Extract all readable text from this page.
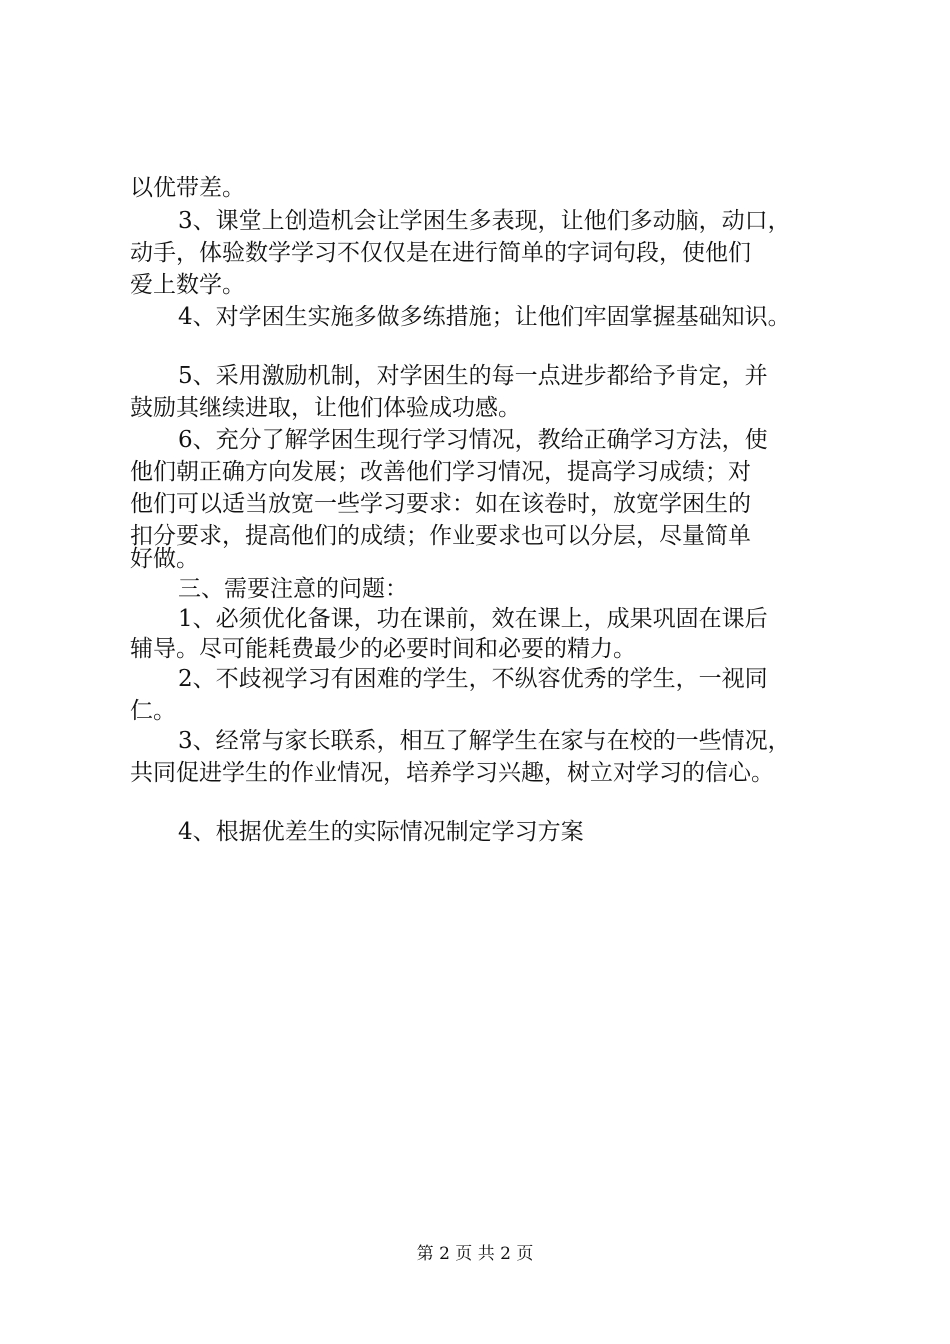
以优带差。
3、课堂上创造机会让学困生多表现，让他们多动脑，动口，
动手，体验数学学习不仅仅是在进行简单的字词句段，使他们
爱上数学。
4、对学困生实施多做多练措施；让他们牢固掌握基础知识。
5、采用激励机制，对学困生的每一点进步都给予肯定，并
鼓励其继续进取，让他们体验成功感。
6、充分了解学困生现行学习情况，教给正确学习方法，使
他们朝正确方向发展；改善他们学习情况，提高学习成绩；对
他们可以适当放宽一些学习要求：如在该卷时，放宽学困生的
扣分要求，提高他们的成绩；作业要求也可以分层，尽量简单
好做。
三、需要注意的问题：
1、必须优化备课，功在课前，效在课上，成果巩固在课后
辅导。尽可能耗费最少的必要时间和必要的精力。
2、不歧视学习有困难的学生，不纵容优秀的学生，一视同
仁。
3、经常与家长联系，相互了解学生在家与在校的一些情况，
共同促进学生的作业情况，培养学习兴趣，树立对学习的信心。
4、根据优差生的实际情况制定学习方案
第 2 页 共 2 页
